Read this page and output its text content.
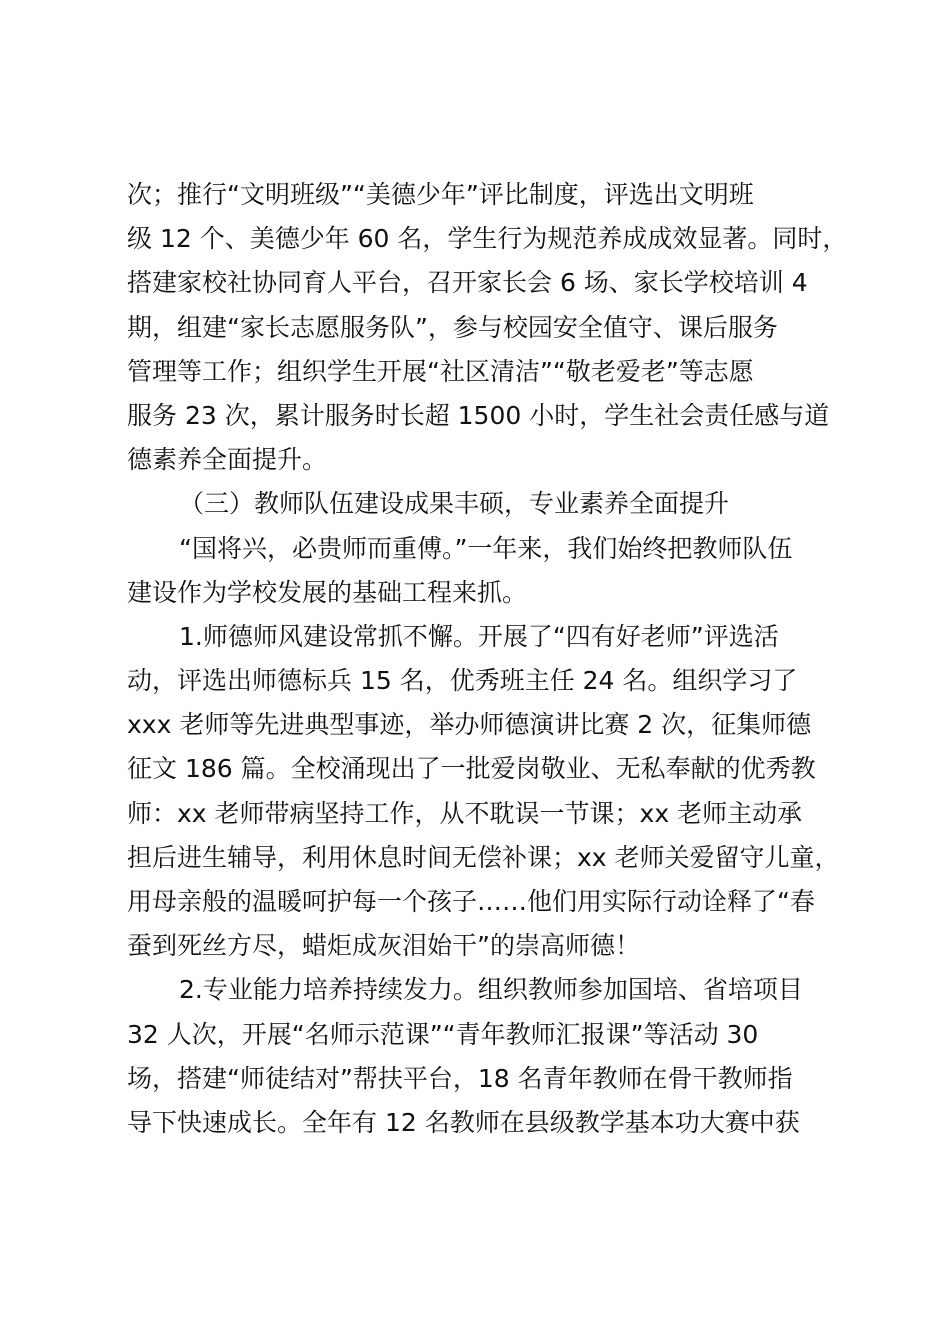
次；推行“文明班级”“美德少年”评比制度，评选出文明班
级 12 个、美德少年 60 名，学生行为规范养成成效显著。同时，
搭建家校社协同育人平台，召开家长会 6 场、家长学校培训 4
期，组建“家长志愿服务队”，参与校园安全值守、课后服务
管理等工作；组织学生开展“社区清洁”“敬老爱老”等志愿
服务 23 次，累计服务时长超 1500 小时，学生社会责任感与道
德素养全面提升。
（三）教师队伍建设成果丰硕，专业素养全面提升
“国将兴，必贵师而重傅。”一年来，我们始终把教师队伍
建设作为学校发展的基础工程来抓。
1.师德师风建设常抓不懈。开展了“四有好老师”评选活
动，评选出师德标兵 15 名，优秀班主任 24 名。组织学习了
xxx 老师等先进典型事迹，举办师德演讲比赛 2 次，征集师德
征文 186 篇。全校涌现出了一批爱岗敬业、无私奉献的优秀教
师：xx 老师带病坚持工作，从不耽误一节课；xx 老师主动承
担后进生辅导，利用休息时间无偿补课；xx 老师关爱留守儿童，
用母亲般的温暖呵护每一个孩子……他们用实际行动诠释了“春
蚕到死丝方尽，蜡炬成灰泪始干”的崇高师德！
2.专业能力培养持续发力。组织教师参加国培、省培项目
32 人次，开展“名师示范课”“青年教师汇报课”等活动 30
场，搭建“师徒结对”帮扶平台，18 名青年教师在骨干教师指
导下快速成长。全年有 12 名教师在县级教学基本功大赛中获
